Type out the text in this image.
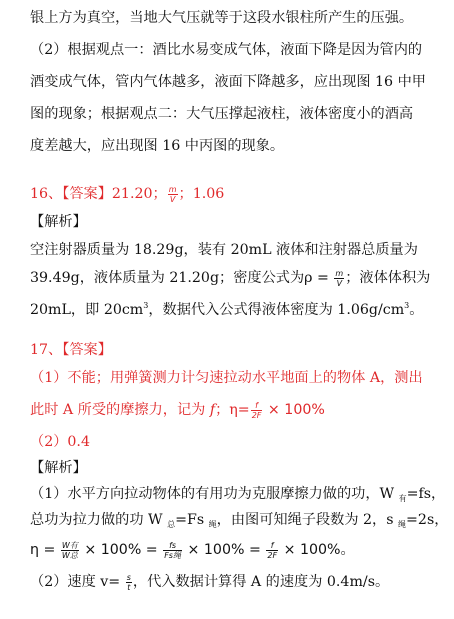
银上方为真空，当地大气压就等于这段水银柱所产生的压强。
（2）根据观点一：酒比水易变成气体，液面下降是因为管内的
酒变成气体，管内气体越多，液面下降越多，应出现图 16 中甲
图的现象；根据观点二：大气压撑起液柱，液体密度小的酒高
度差越大，应出现图 16 中丙图的现象。
16、【答案】21.20； $\frac{m}{V}$ ；1.06
【解析】
空注射器质量为 18.29g，装有 20mL 液体和注射器总质量为
39.49g，液体质量为 21.20g；密度公式为$\rho = \frac{m}{V}$ ；液体体积为
20mL，即 $20cm^3$，数据代入公式得液体密度为 $1.06g/cm^3$。
17、【答案】
（1）不能；用弹簧测力计匀速拉动水平地面上的物体 A，测出
此时 A 所受的摩擦力，记为 f；$\eta= \frac{f}{2F} \times 100\%$
（2）0.4
【解析】
（1）水平方向拉动物体的有用功为克服摩擦力做的功，W $_有$=fs，
总功为拉力做的功 W $_总$=Fs $_绳$，由图可知绳子段数为 2，s $_绳$=2s，
$\eta = \frac{\text{W有}}{\text{W总}} \times 100\% = \frac{fs}{\text{Fs绳}} \times 100\% = \frac{f}{2F} \times 100\%$。
（2）速度 $v= \frac{s}{t}$ ，代入数据计算得 A 的速度为 0.4m/s。
